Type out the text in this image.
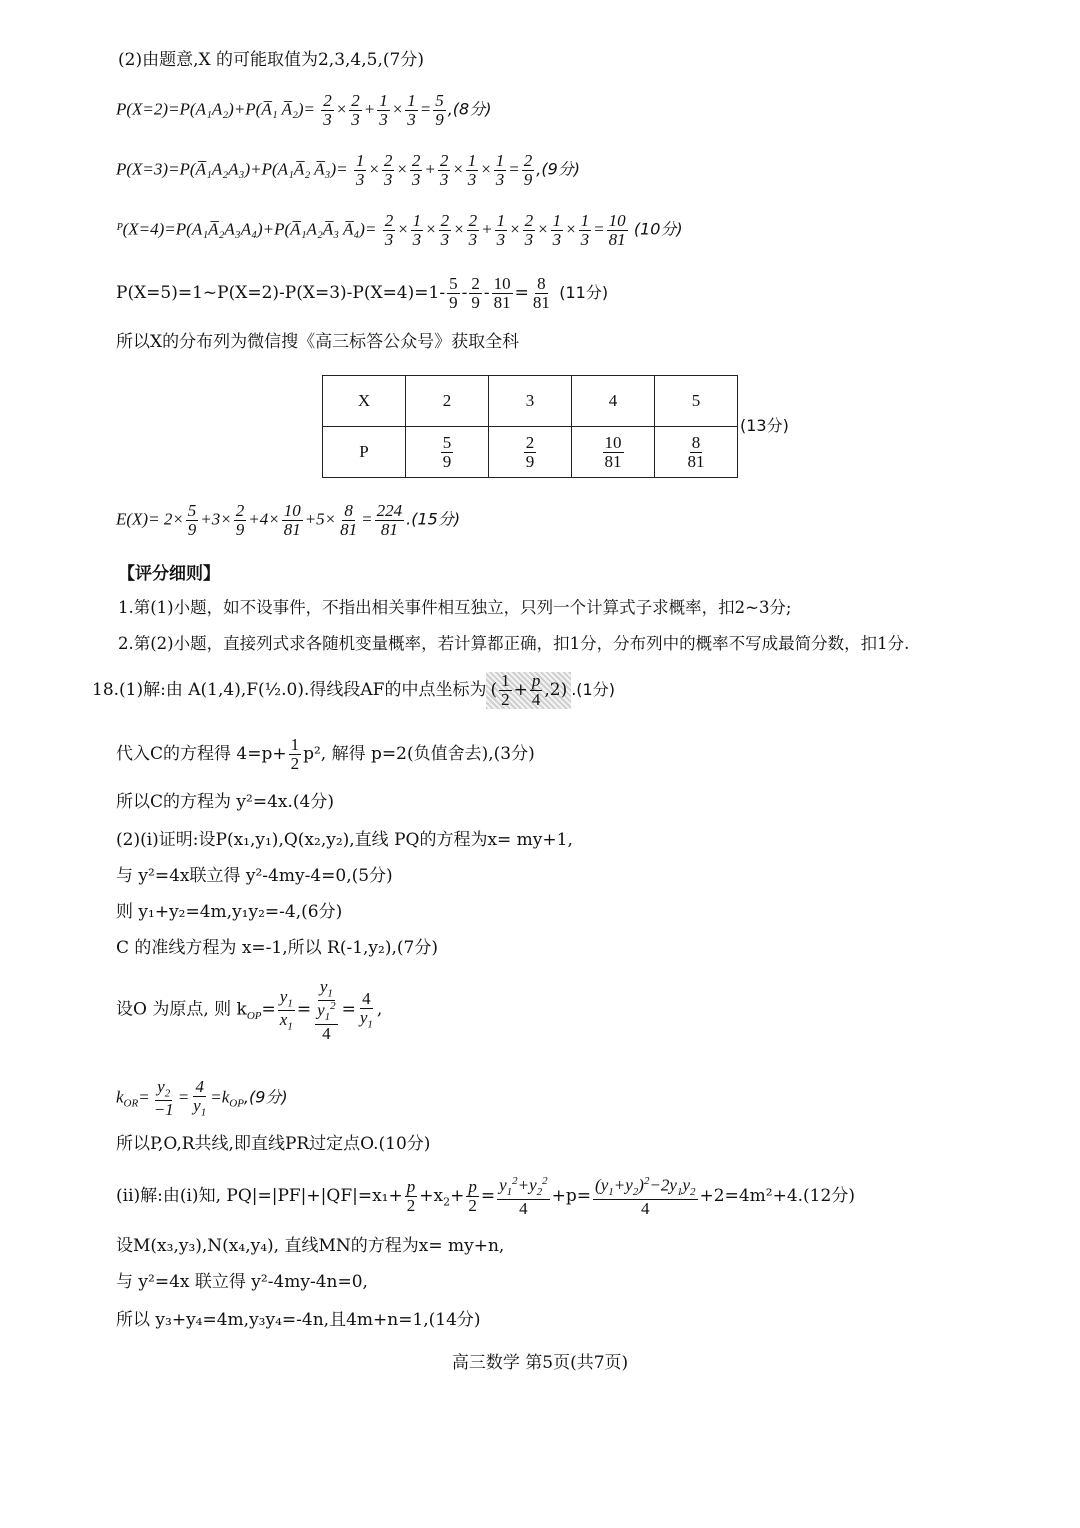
(2)由题意,X 的可能取值为2,3,4,5,(7分)
P(X=2)=P(A₁A₂)+P(A̅₁ A̅₂)= $\frac{2}{3} \times \frac{2}{3} + \frac{1}{3} \times \frac{1}{3} = \frac{5}{9} ,(8$分)
P(X=3)=P(A̅₁A₂A₃)+P(A₁A̅₂ A̅₃)= $\frac{1}{3} \times \frac{2}{3} \times \frac{2}{3} + \frac{2}{3} \times \frac{1}{3} \times \frac{1}{3} = \frac{2}{9} ,(9$分)
ᴾ(X=4)=P(A₁A̅₂A₃A₄)+P(A̅₁A₂A̅₃ A̅₄)= $\frac{2}{3} \times \frac{1}{3} \times \frac{2}{3} \times \frac{2}{3} + \frac{1}{3} \times \frac{2}{3} \times \frac{1}{3} \times \frac{1}{3} = \frac{10}{81} (10$分)
P(X=5)=1~P(X=2)-P(X=3)-P(X=4)=1- $\frac{5}{9} - \frac{2}{9} - \frac{10}{81} = \frac{8}{81} (11$分)
所以X的分布列为微信搜《高三标答公众号》获取全科
X	2	3	4	5
P	$\frac{5}{9}$	$\frac{2}{9}$	$\frac{10}{81}$	$\frac{8}{81}$
(13分)
$E(X)= 2\times \frac{5}{9} +3\times \frac{2}{9} +4\times \frac{10}{81} +5\times \frac{8}{81} = \frac{224}{81} .(15$分)
【评分细则】
1.第(1)小题，如不设事件，不指出相关事件相互独立，只列一个计算式子求概率，扣2~3分;
2.第(2)小题，直接列式求各随机变量概率，若计算都正确，扣1分，分布列中的概率不写成最简分数，扣1分.
18.(1)解:由 A(1,4),F(½.0).得线段AF的中点坐标为 ( $\frac{1}{2} + \frac{p}{4} ,2$) .(1分)
代入C的方程得 $4=p+ \frac{1}{2} p^2$, 解得 p=2(负值舍去),(3分)
所以C的方程为 y²=4x.(4分)
(2)(i)证明:设P(x₁,y₁),Q(x₂,y₂),直线 PQ的方程为x= my+1,
与 y²=4x联立得 y²-4my-4=0,(5分)
则 y₁+y₂=4m,y₁y₂=-4,(6分)
C 的准线方程为 x=-1,所以 R(-1,y₂),(7分)
设O 为原点, 则 $k_{OP}= \frac{y_1}{x_1} = \frac{y_1}{\frac{y_1^2}{4}} = \frac{4}{y_1}$ ,
$k_{OR}= \frac{y_2}{-1} = \frac{4}{y_1} =k_{OP},(9$分)
所以P,O,R共线,即直线PR过定点O.(10分)
(ii)解:由(i)知, $PQ|=|PF|+|QF|=x_1+ \frac{p}{2} +x_2+ \frac{p}{2} = \frac{y_1^2+y_2^2}{4} +p= \frac{(y_1+y_2)^2-2y_1y_2}{4} +2=4m^2+4.(12$分)
设M(x₃,y₃),N(x₄,y₄), 直线MN的方程为x= my+n,
与 y²=4x 联立得 y²-4my-4n=0,
所以 y₃+y₄=4m,y₃y₄=-4n,且4m+n=1,(14分)
高三数学 第5页(共7页)
